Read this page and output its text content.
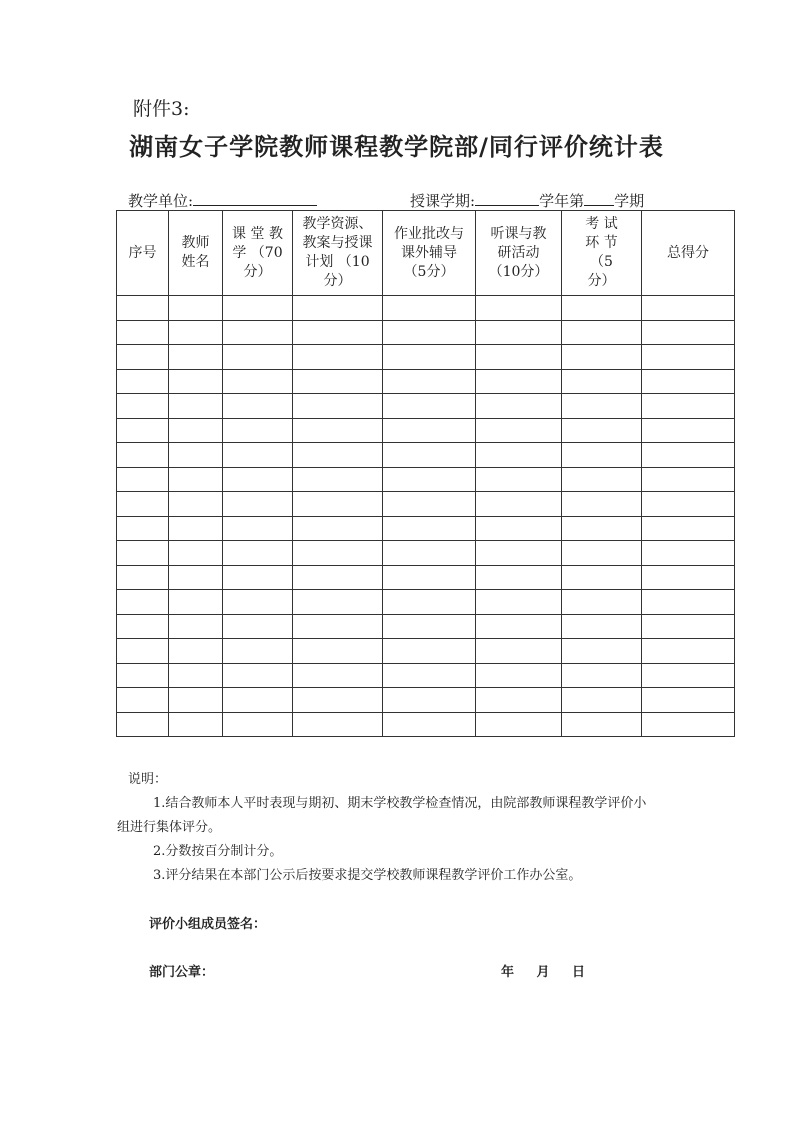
附件3:
湖南女子学院教师课程教学院部/同行评价统计表
教学单位:	授课学期:	学年第 学期
序号	教师 姓名	课 堂 教 学 （70 分）	教学资源、教案与授课计划 （10分）	作业批改与课外辅导（5分）	听课与教研活动 （10分）	考 试 环 节 （5分）	总得分

说明：
1.结合教师本人平时表现与期初、期末学校教学检查情况，由院部教师课程教学评价小
组进行集体评分。
2.分数按百分制计分。
3.评分结果在本部门公示后按要求提交学校教师课程教学评价工作办公室。
评价小组成员签名：
部门公章：	年 月 日
